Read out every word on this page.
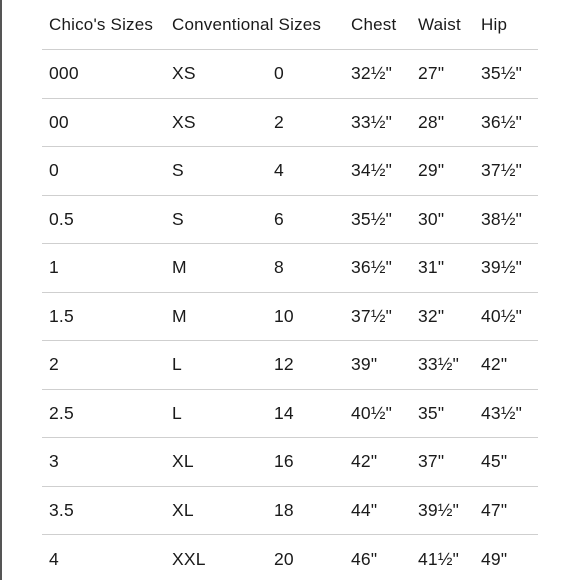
Chico's Sizes Conventional Sizes Chest Waist Hip
000	XS	0	32½" 27" 35½"
00	XS	2	33½" 28" 36½"
0	S	4	34½" 29" 37½"
0.5	S	6	35½" 30" 38½"
1	M	8	36½" 31" 39½"
1.5	M	10	37½" 32" 40½"
2	L	12	39" 33½" 42"
2.5	L	14	40½" 35" 43½"
3	XL	16	42" 37" 45"
3.5	XL	18	44" 39½" 47"
4	XXL	20	46" 41½" 49"
